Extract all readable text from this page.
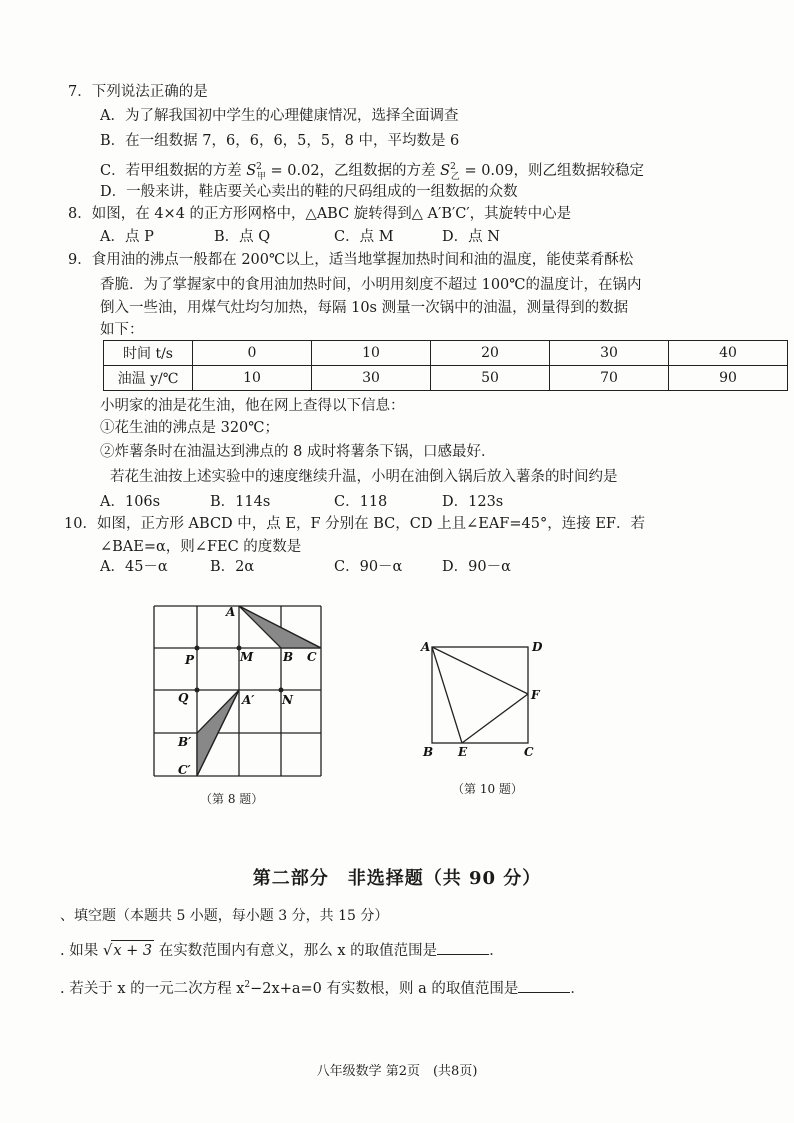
7．下列说法正确的是
A．为了解我国初中学生的心理健康情况，选择全面调查
B．在一组数据 7，6，6，6，5，5，8 中，平均数是 6
C．若甲组数据的方差 $S^2_甲 = 0.02$，乙组数据的方差 $S^2_乙 = 0.09$，则乙组数据较稳定
D．一般来讲，鞋店要关心卖出的鞋的尺码组成的一组数据的众数
8．如图，在 4×4 的正方形网格中，△ABC 旋转得到△ A′B′C′，其旋转中心是
A．点 P	B．点 Q	C．点 M	D．点 N
9．食用油的沸点一般都在 200℃以上，适当地掌握加热时间和油的温度，能使菜肴酥松
香脆．为了掌握家中的食用油加热时间，小明用刻度不超过 100℃的温度计，在锅内
倒入一些油，用煤气灶均匀加热，每隔 10s 测量一次锅中的油温，测量得到的数据
如下：
时间 t/s	0	10	20	30	40
油温 y/℃	10	30	50	70	90
小明家的油是花生油，他在网上查得以下信息：
①花生油的沸点是 320℃；
②炸薯条时在油温达到沸点的 8 成时将薯条下锅，口感最好．
若花生油按上述实验中的速度继续升温，小明在油倒入锅后放入薯条的时间约是
A．106s	B．114s	C．118	D．123s
10．如图，正方形 ABCD 中，点 E，F 分别在 BC，CD 上且∠EAF=45°，连接 EF．若
∠BAE=α，则∠FEC 的度数是
A．45－α	B．2α	C．90－α	D．90－α
A
B C
P	M
Q	A′ N
B′
C′
（第 8 题）
A	D
F
B E	C
（第 10 题）
第二部分　非选择题（共 90 分）
、填空题（本题共 5 小题，每小题 3 分，共 15 分）
. 如果 √x + 3 在实数范围内有意义，那么 x 的取值范围是	．
. 若关于 x 的一元二次方程 $x^2-2x+a=0$ 有实数根，则 a 的取值范围是	．
八年级数学 第2页　(共8页)
